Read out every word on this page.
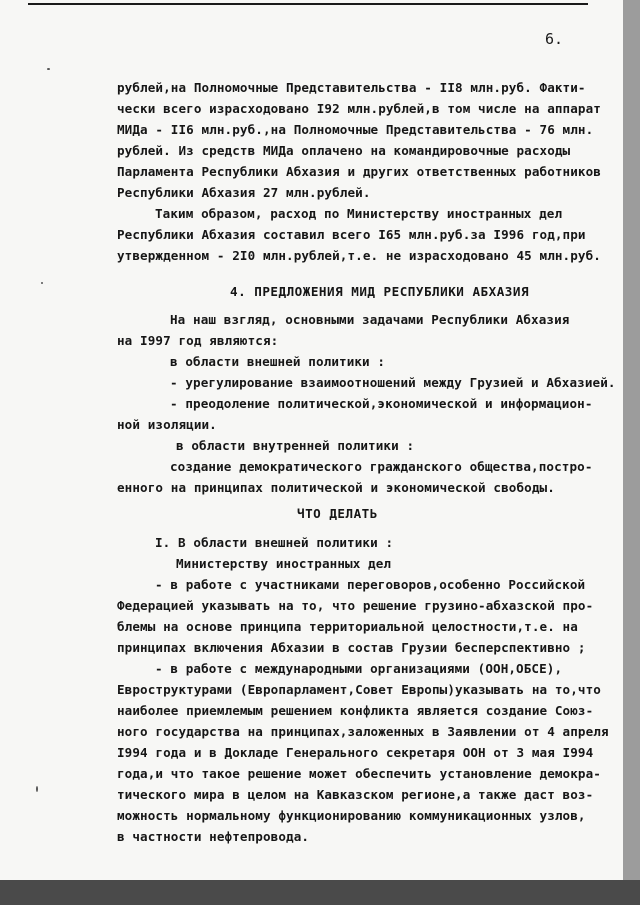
6.
рублей,на Полномочные Представительства - II8 млн.руб. Факти-
чески всего израсходовано I92 млн.рублей,в том числе на аппарат
МИДа - II6 млн.руб.,на Полномочные Представительства - 76 млн.
рублей. Из средств МИДа оплачено на командировочные расходы
Парламента Республики Абхазия и других ответственных работников
Республики Абхазия 27 млн.рублей.
Таким образом, расход по Министерству иностранных дел
Республики Абхазия составил всего I65 млн.руб.за I996 год,при
утвержденном - 2I0 млн.рублей,т.е. не израсходовано 45 млн.руб.
4. ПРЕДЛОЖЕНИЯ МИД РЕСПУБЛИКИ АБХАЗИЯ
На наш взгляд, основными задачами Республики Абхазия
на I997 год являются:
в области внешней политики :
- урегулирование взаимоотношений между Грузией и Абхазией.
- преодоление политической,экономической и информацион-
ной изоляции.
в области внутренней политики :
создание демократического гражданского общества,постро-
енного на принципах политической и экономической свободы.
ЧТО ДЕЛАТЬ
I. В области внешней политики :
Министерству иностранных дел
- в работе с участниками переговоров,особенно Российской
Федерацией указывать на то, что решение грузино-абхазской про-
блемы на основе принципа территориальной целостности,т.е. на
принципах включения Абхазии в состав Грузии бесперспективно ;
- в работе с международными организациями (ООН,ОБСЕ),
Евроструктурами (Европарламент,Совет Европы)указывать на то,что
наиболее приемлемым решением конфликта является создание Союз-
ного государства на принципах,заложенных в Заявлении от 4 апреля
I994 года и в Докладе Генерального секретаря ООН от 3 мая I994
года,и что такое решение может обеспечить установление демокра-
тического мира в целом на Кавказском регионе,а также даст воз-
можность нормальному функционированию коммуникационных узлов,
в частности нефтепровода.
